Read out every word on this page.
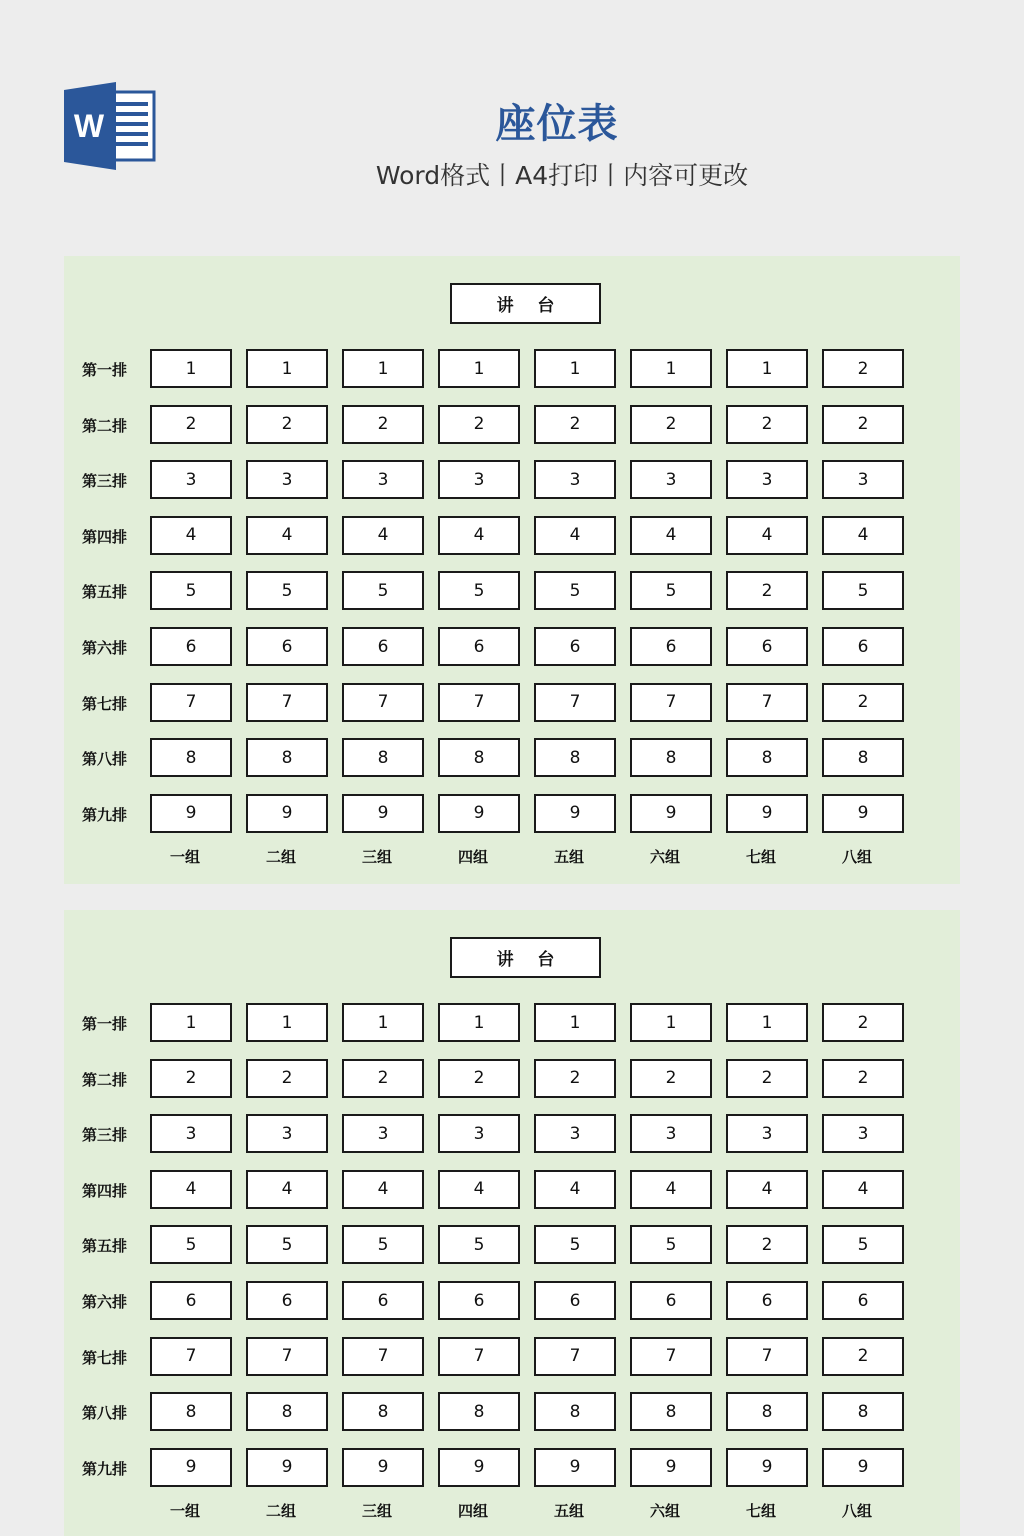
W	座位表
Word格式丨A4打印丨内容可更改
讲    台
第一排	1	1	1	1	1	1	1	2
第二排	2	2	2	2	2	2	2	2
第三排	3	3	3	3	3	3	3	3
第四排	4	4	4	4	4	4	4	4
第五排	5	5	5	5	5	5	2	5
第六排	6	6	6	6	6	6	6	6
第七排	7	7	7	7	7	7	7	2
第八排	8	8	8	8	8	8	8	8
第九排	9	9	9	9	9	9	9	9
一组	二组	三组	四组	五组	六组	七组	八组
讲    台
第一排	1	1	1	1	1	1	1	2
第二排	2	2	2	2	2	2	2	2
第三排	3	3	3	3	3	3	3	3
第四排	4	4	4	4	4	4	4	4
第五排	5	5	5	5	5	5	2	5
第六排	6	6	6	6	6	6	6	6
第七排	7	7	7	7	7	7	7	2
第八排	8	8	8	8	8	8	8	8
第九排	9	9	9	9	9	9	9	9
一组	二组	三组	四组	五组	六组	七组	八组
